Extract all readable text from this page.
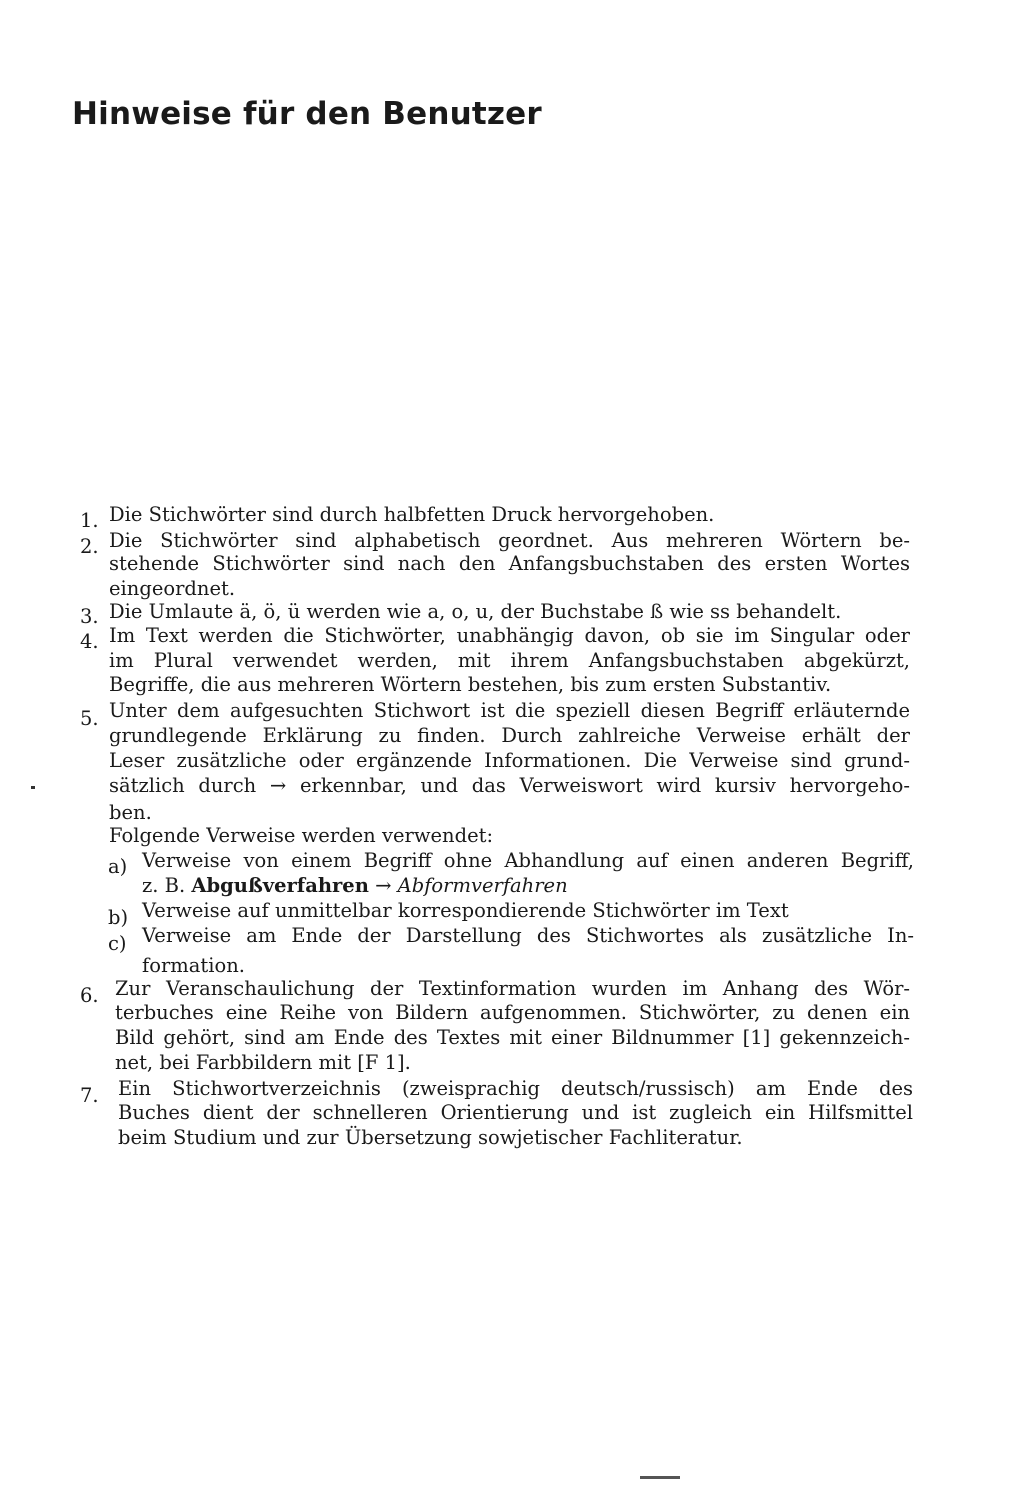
Hinweise für den Benutzer
1. Die Stichwörter sind durch halbfetten Druck hervorgehoben.
2. Die Stichwörter sind alphabetisch geordnet. Aus mehreren Wörtern be-
stehende Stichwörter sind nach den Anfangsbuchstaben des ersten Wortes
eingeordnet.
3. Die Umlaute ä, ö, ü werden wie a, o, u, der Buchstabe ß wie ss behandelt.
4. Im Text werden die Stichwörter, unabhängig davon, ob sie im Singular oder
im Plural verwendet werden, mit ihrem Anfangsbuchstaben abgekürzt,
Begriffe, die aus mehreren Wörtern bestehen, bis zum ersten Substantiv.
5. Unter dem aufgesuchten Stichwort ist die speziell diesen Begriff erläuternde
grundlegende Erklärung zu finden. Durch zahlreiche Verweise erhält der
Leser zusätzliche oder ergänzende Informationen. Die Verweise sind grund-
sätzlich durch → erkennbar, und das Verweiswort wird kursiv hervorgeho-
ben.
Folgende Verweise werden verwendet:
a) Verweise von einem Begriff ohne Abhandlung auf einen anderen Begriff,
z. B. Abgußverfahren → Abformverfahren
b) Verweise auf unmittelbar korrespondierende Stichwörter im Text
c) Verweise am Ende der Darstellung des Stichwortes als zusätzliche In-
formation.
6. Zur Veranschaulichung der Textinformation wurden im Anhang des Wör-
terbuches eine Reihe von Bildern aufgenommen. Stichwörter, zu denen ein
Bild gehört, sind am Ende des Textes mit einer Bildnummer [1] gekennzeich-
net, bei Farbbildern mit [F 1].
7. Ein Stichwortverzeichnis (zweisprachig deutsch/russisch) am Ende des
Buches dient der schnelleren Orientierung und ist zugleich ein Hilfsmittel
beim Studium und zur Übersetzung sowjetischer Fachliteratur.
